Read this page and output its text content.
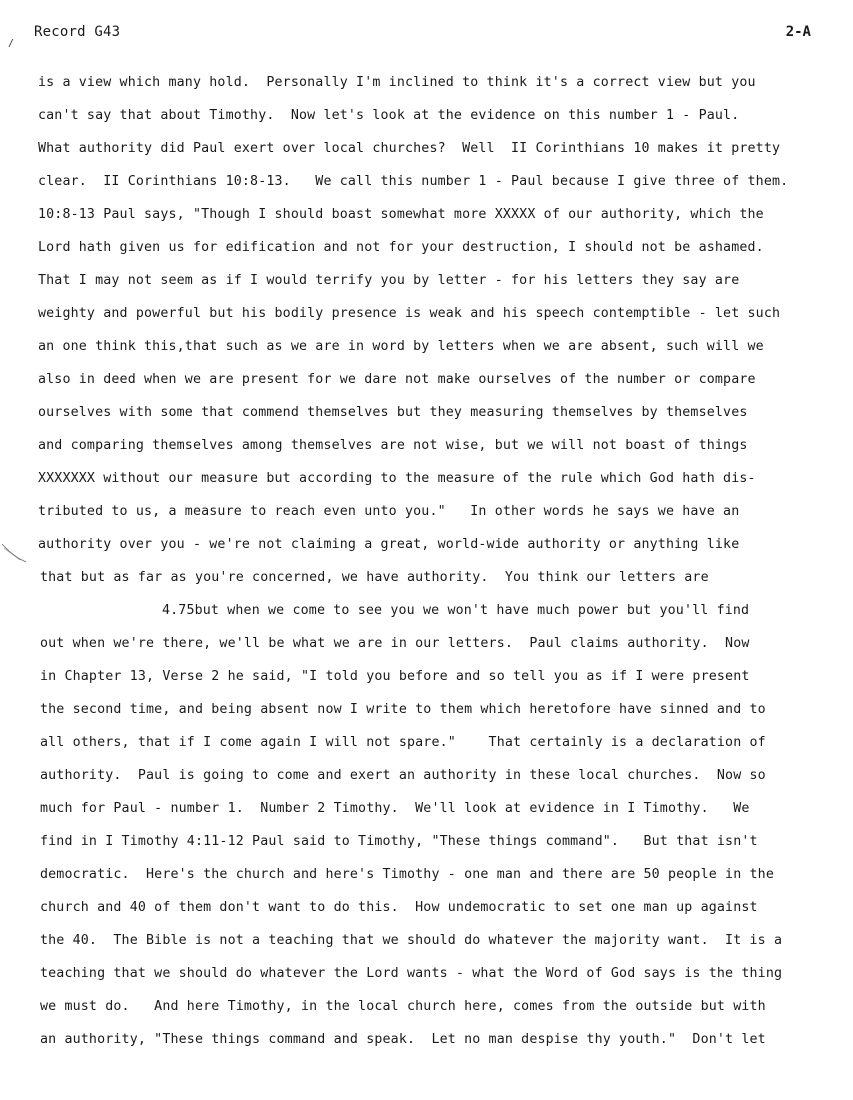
/
Record G43	2-A
is a view which many hold.  Personally I'm inclined to think it's a correct view but you
can't say that about Timothy.  Now let's look at the evidence on this number 1 - Paul.
What authority did Paul exert over local churches?  Well  II Corinthians 10 makes it pretty
clear.  II Corinthians 10:8-13.   We call this number 1 - Paul because I give three of them.
10:8-13 Paul says, "Though I should boast somewhat more XXXXX of our authority, which the
Lord hath given us for edification and not for your destruction, I should not be ashamed.
That I may not seem as if I would terrify you by letter - for his letters they say are
weighty and powerful but his bodily presence is weak and his speech contemptible - let such
an one think this,that such as we are in word by letters when we are absent, such will we
also in deed when we are present for we dare not make ourselves of the number or compare
ourselves with some that commend themselves but they measuring themselves by themselves
and comparing themselves among themselves are not wise, but we will not boast of things
XXXXXXX without our measure but according to the measure of the rule which God hath dis-
tributed to us, a measure to reach even unto you."   In other words he says we have an
authority over you - we're not claiming a great, world-wide authority or anything like
that but as far as you're concerned, we have authority.  You think our letters are
4.75but when we come to see you we won't have much power but you'll find
out when we're there, we'll be what we are in our letters.  Paul claims authority.  Now
in Chapter 13, Verse 2 he said, "I told you before and so tell you as if I were present
the second time, and being absent now I write to them which heretofore have sinned and to
all others, that if I come again I will not spare."    That certainly is a declaration of
authority.  Paul is going to come and exert an authority in these local churches.  Now so
much for Paul - number 1.  Number 2 Timothy.  We'll look at evidence in I Timothy.   We
find in I Timothy 4:11-12 Paul said to Timothy, "These things command".   But that isn't
democratic.  Here's the church and here's Timothy - one man and there are 50 people in the
church and 40 of them don't want to do this.  How undemocratic to set one man up against
the 40.  The Bible is not a teaching that we should do whatever the majority want.  It is a
teaching that we should do whatever the Lord wants - what the Word of God says is the thing
we must do.   And here Timothy, in the local church here, comes from the outside but with
an authority, "These things command and speak.  Let no man despise thy youth."  Don't let
